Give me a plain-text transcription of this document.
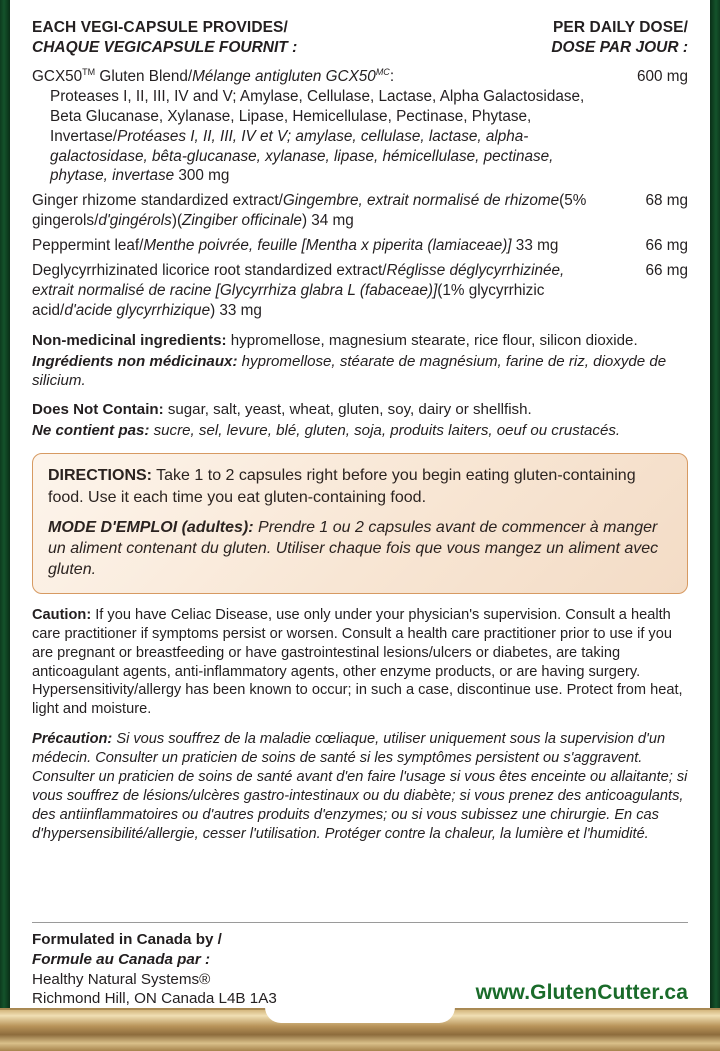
EACH VEGI-CAPSULE PROVIDES/
CHAQUE VEGICAPSULE FOURNIT :
PER DAILY DOSE/
DOSE PAR JOUR :
600 mg
GCX50™ Gluten Blend/Mélange antigluten $GCX50^{MC}$:
Proteases I, II, III, IV and V; Amylase, Cellulase, Lactase, Alpha Galactosidase, Beta Glucanase, Xylanase, Lipase, Hemicellulase, Pectinase, Phytase, Invertase/Protéases I, II, III, IV et V; amylase, cellulase, lactase, alpha-galactosidase, bêta-glucanase, xylanase, lipase, hémicellulase, pectinase, phytase, invertase 300 mg
68 mg
Ginger rhizome standardized extract/Gingembre, extrait normalisé de rhizome(5% gingerols/d'gingérols)(Zingiber officinale) 34 mg
66 mg
Peppermint leaf/Menthe poivrée, feuille [Mentha x piperita (lamiaceae)] 33 mg
66 mg
Deglycyrrhizinated licorice root standardized extract/Réglisse déglycyrrhizinée, extrait normalisé de racine [Glycyrrhiza glabra L (fabaceae)](1% glycyrrhizic acid/d'acide glycyrrhizique) 33 mg

Non-medicinal ingredients: hypromellose, magnesium stearate, rice flour, silicon dioxide.

Ingrédients non médicinaux: hypromellose, stéarate de magnésium, farine de riz, dioxyde de silicium.

Does Not Contain: sugar, salt, yeast, wheat, gluten, soy, dairy or shellfish.

Ne contient pas: sucre, sel, levure, blé, gluten, soja, produits laiters, oeuf ou crustacés.

DIRECTIONS: Take 1 to 2 capsules right before you begin eating gluten-containing food. Use it each time you eat gluten-containing food.

MODE D'EMPLOI (adultes): Prendre 1 ou 2 capsules avant de commencer à manger un aliment contenant du gluten. Utiliser chaque fois que vous mangez un aliment avec gluten.

Caution: If you have Celiac Disease, use only under your physician's supervision. Consult a health care practitioner if symptoms persist or worsen. Consult a health care practitioner prior to use if you are pregnant or breastfeeding or have gastrointestinal lesions/ulcers or diabetes, are taking anticoagulant agents, anti-inflammatory agents, other enzyme products, or are having surgery. Hypersensitivity/allergy has been known to occur; in such a case, discontinue use. Protect from heat, light and moisture.

Précaution: Si vous souffrez de la maladie cœliaque, utiliser uniquement sous la supervision d'un médecin. Consulter un praticien de soins de santé si les symptômes persistent ou s'aggravent. Consulter un praticien de soins de santé avant d'en faire l'usage si vous êtes enceinte ou allaitante; si vous souffrez de lésions/ulcères gastro-intestinaux ou du diabète; si vous prenez des anticoagulants, des antiinflammatoires ou d'autres produits d'enzymes; ou si vous subissez une chirurgie. En cas d'hypersensibilité/allergie, cesser l'utilisation. Protéger contre la chaleur, la lumière et l'humidité.

Formulated in Canada by /
Formule au Canada par :
Healthy Natural Systems®
Richmond Hill, ON Canada L4B 1A3	www.GlutenCutter.ca
